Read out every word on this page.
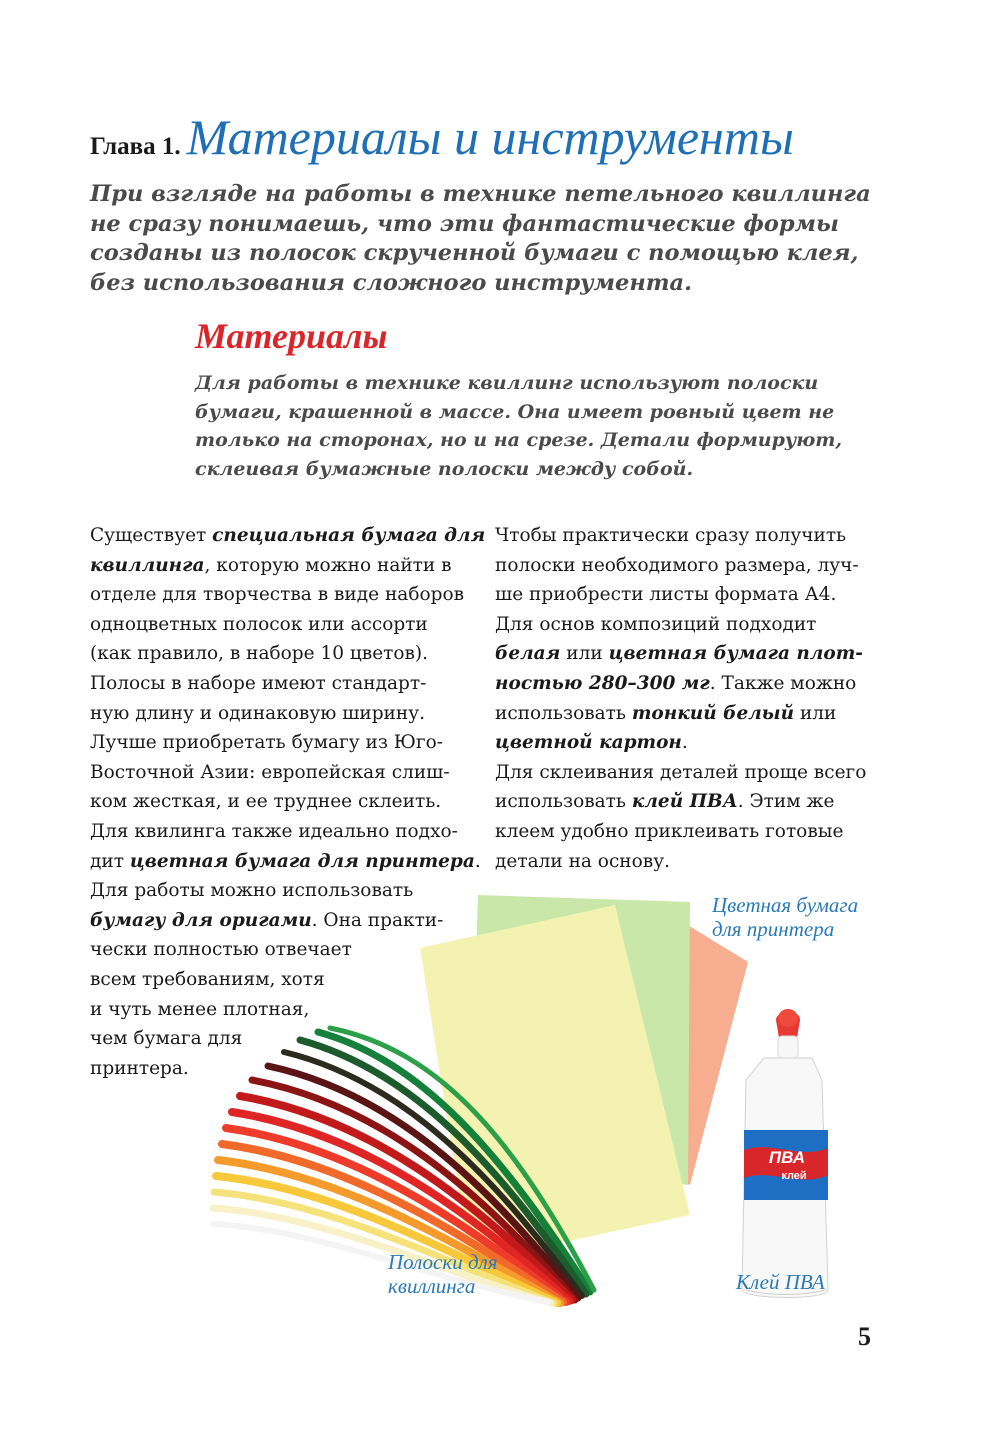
ПВА
клей
Глава 1. Материалы и инструменты
При взгляде на работы в технике петельного квиллинга
не сразу понимаешь, что эти фантастические формы
созданы из полосок скрученной бумаги с помощью клея,
без использования сложного инструмента.
Материалы
Для работы в технике квиллинг используют полоски
бумаги, крашенной в массе. Она имеет ровный цвет не
только на сторонах, но и на срезе. Детали формируют,
склеивая бумажные полоски между собой.
Существует специальная бумага для
квиллинга, которую можно найти в
отделе для творчества в виде наборов
одноцветных полосок или ассорти
(как правило, в наборе 10 цветов).
Полосы в наборе имеют стандарт-
ную длину и одинаковую ширину.
Лучше приобретать бумагу из Юго-
Восточной Азии: европейская слиш-
ком жесткая, и ее труднее склеить.
Для квилинга также идеально подхо-
дит цветная бумага для принтера.
Для работы можно использовать
бумагу для оригами. Она практи-
чески полностью отвечает
всем требованиям, хотя
и чуть менее плотная,
чем бумага для
принтера.
Чтобы практически сразу получить
полоски необходимого размера, луч-
ше приобрести листы формата А4.
Для основ композиций подходит
белая или цветная бумага плот-
ностью 280–300 мг. Также можно
использовать тонкий белый или
цветной картон.
Для склеивания деталей проще всего
использовать клей ПВА. Этим же
клеем удобно приклеивать готовые
детали на основу.
Цветная бумага
для принтера
Полоски для
квиллинга	Клей ПВА
5
